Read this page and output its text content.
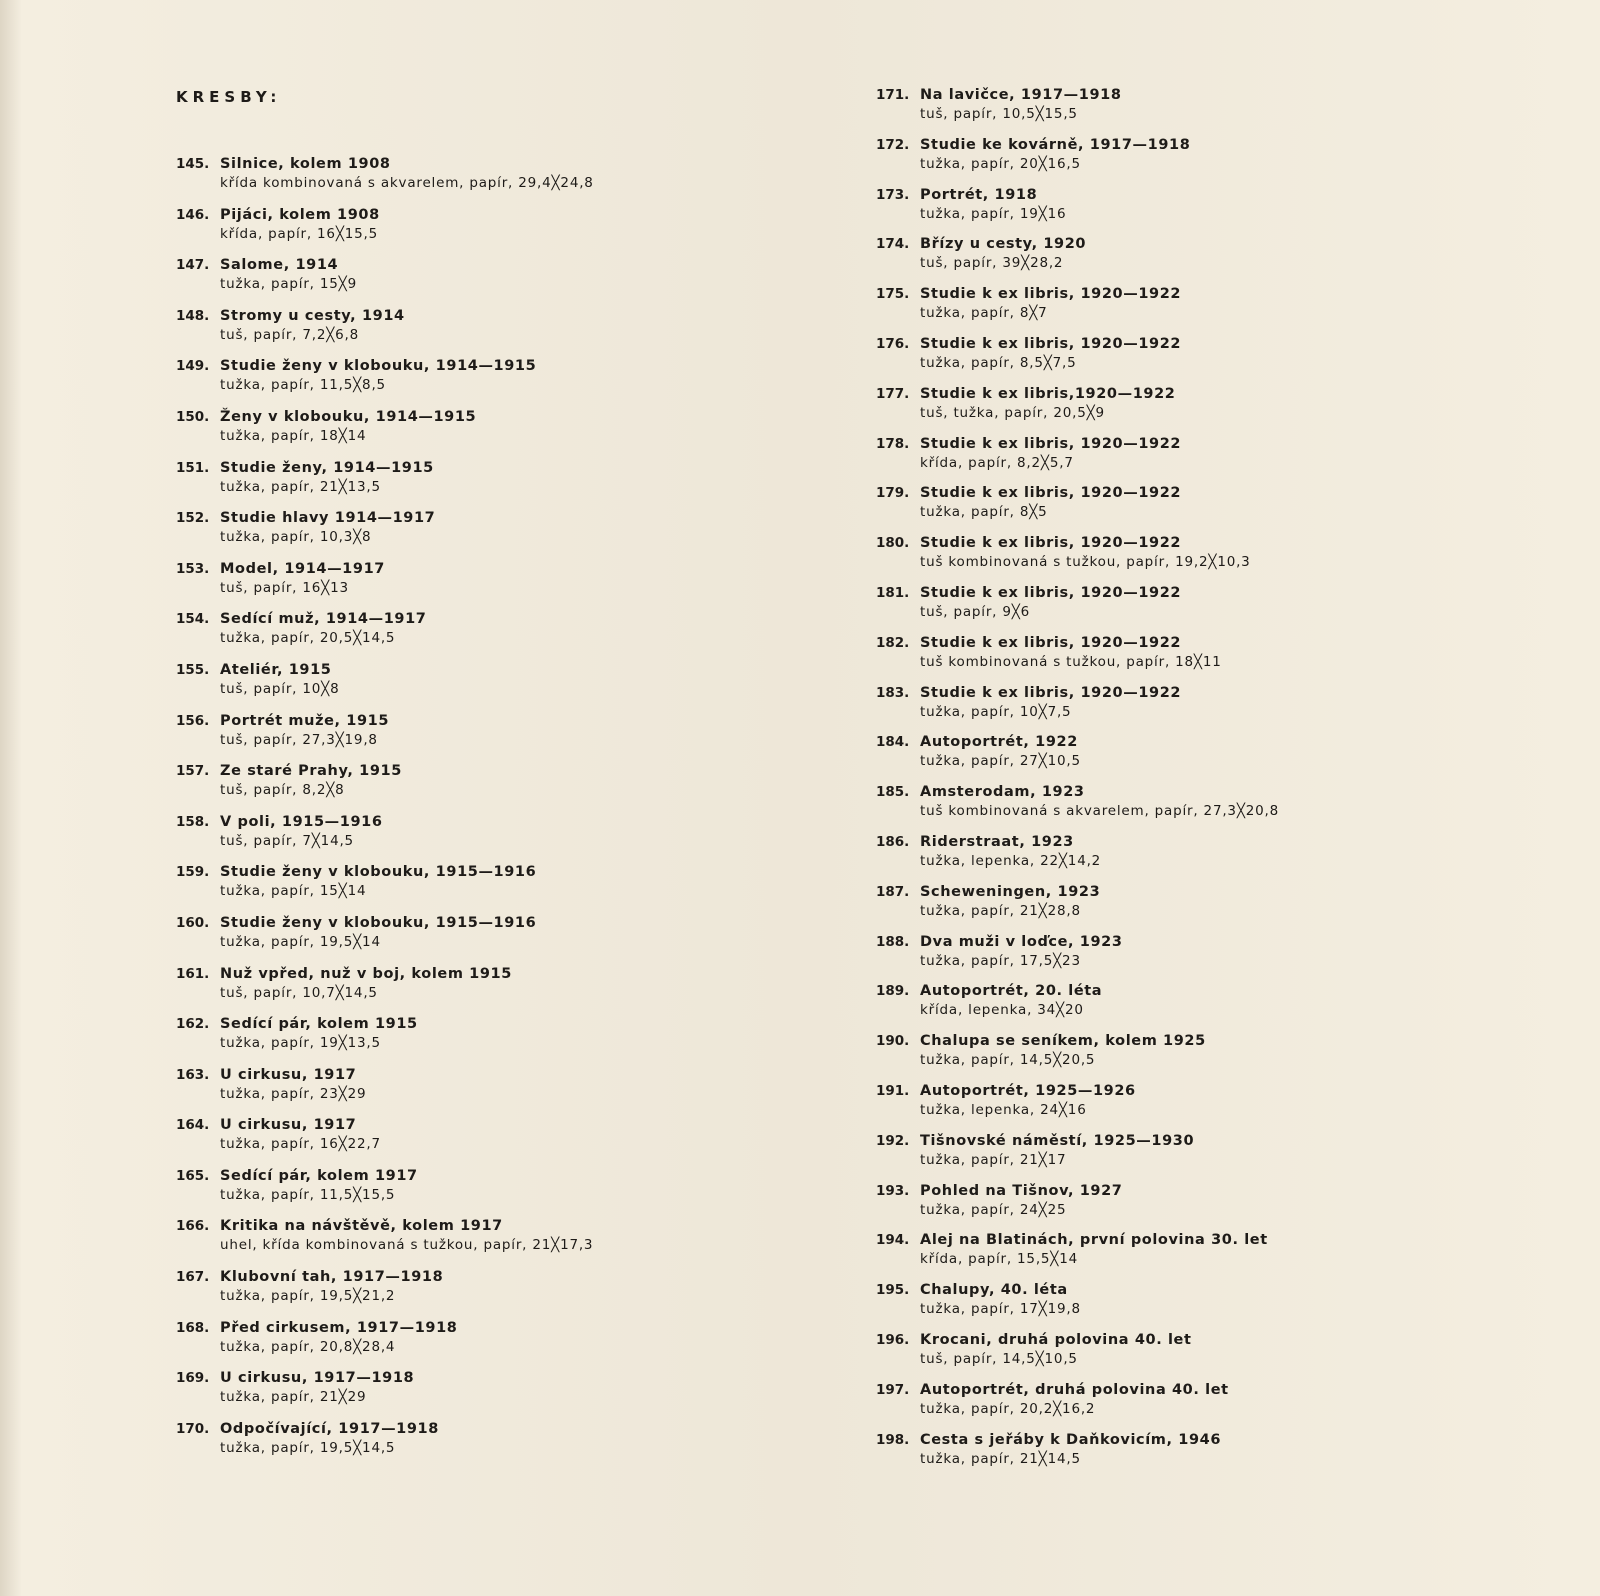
KRESBY:
145. Silnice, kolem 1908
křída kombinovaná s akvarelem, papír, 29,4╳24,8
146. Pijáci, kolem 1908
křída, papír, 16╳15,5
147. Salome, 1914
tužka, papír, 15╳9
148. Stromy u cesty, 1914
tuš, papír, 7,2╳6,8
149. Studie ženy v klobouku, 1914—1915
tužka, papír, 11,5╳8,5
150. Ženy v klobouku, 1914—1915
tužka, papír, 18╳14
151. Studie ženy, 1914—1915
tužka, papír, 21╳13,5
152. Studie hlavy 1914—1917
tužka, papír, 10,3╳8
153. Model, 1914—1917
tuš, papír, 16╳13
154. Sedící muž, 1914—1917
tužka, papír, 20,5╳14,5
155. Ateliér, 1915
tuš, papír, 10╳8
156. Portrét muže, 1915
tuš, papír, 27,3╳19,8
157. Ze staré Prahy, 1915
tuš, papír, 8,2╳8
158. V poli, 1915—1916
tuš, papír, 7╳14,5
159. Studie ženy v klobouku, 1915—1916
tužka, papír, 15╳14
160. Studie ženy v klobouku, 1915—1916
tužka, papír, 19,5╳14
161. Nuž vpřed, nuž v boj, kolem 1915
tuš, papír, 10,7╳14,5
162. Sedící pár, kolem 1915
tužka, papír, 19╳13,5
163. U cirkusu, 1917
tužka, papír, 23╳29
164. U cirkusu, 1917
tužka, papír, 16╳22,7
165. Sedící pár, kolem 1917
tužka, papír, 11,5╳15,5
166. Kritika na návštěvě, kolem 1917
uhel, křída kombinovaná s tužkou, papír, 21╳17,3
167. Klubovní tah, 1917—1918
tužka, papír, 19,5╳21,2
168. Před cirkusem, 1917—1918
tužka, papír, 20,8╳28,4
169. U cirkusu, 1917—1918
tužka, papír, 21╳29
170. Odpočívající, 1917—1918
tužka, papír, 19,5╳14,5
171. Na lavičce, 1917—1918
tuš, papír, 10,5╳15,5
172. Studie ke kovárně, 1917—1918
tužka, papír, 20╳16,5
173. Portrét, 1918
tužka, papír, 19╳16
174. Břízy u cesty, 1920
tuš, papír, 39╳28,2
175. Studie k ex libris, 1920—1922
tužka, papír, 8╳7
176. Studie k ex libris, 1920—1922
tužka, papír, 8,5╳7,5
177. Studie k ex libris,1920—1922
tuš, tužka, papír, 20,5╳9
178. Studie k ex libris, 1920—1922
křída, papír, 8,2╳5,7
179. Studie k ex libris, 1920—1922
tužka, papír, 8╳5
180. Studie k ex libris, 1920—1922
tuš kombinovaná s tužkou, papír, 19,2╳10,3
181. Studie k ex libris, 1920—1922
tuš, papír, 9╳6
182. Studie k ex libris, 1920—1922
tuš kombinovaná s tužkou, papír, 18╳11
183. Studie k ex libris, 1920—1922
tužka, papír, 10╳7,5
184. Autoportrét, 1922
tužka, papír, 27╳10,5
185. Amsterodam, 1923
tuš kombinovaná s akvarelem, papír, 27,3╳20,8
186. Riderstraat, 1923
tužka, lepenka, 22╳14,2
187. Scheweningen, 1923
tužka, papír, 21╳28,8
188. Dva muži v loďce, 1923
tužka, papír, 17,5╳23
189. Autoportrét, 20. léta
křída, lepenka, 34╳20
190. Chalupa se seníkem, kolem 1925
tužka, papír, 14,5╳20,5
191. Autoportrét, 1925—1926
tužka, lepenka, 24╳16
192. Tišnovské náměstí, 1925—1930
tužka, papír, 21╳17
193. Pohled na Tišnov, 1927
tužka, papír, 24╳25
194. Alej na Blatinách, první polovina 30. let
křída, papír, 15,5╳14
195. Chalupy, 40. léta
tužka, papír, 17╳19,8
196. Krocani, druhá polovina 40. let
tuš, papír, 14,5╳10,5
197. Autoportrét, druhá polovina 40. let
tužka, papír, 20,2╳16,2
198. Cesta s jeřáby k Daňkovicím, 1946
tužka, papír, 21╳14,5
